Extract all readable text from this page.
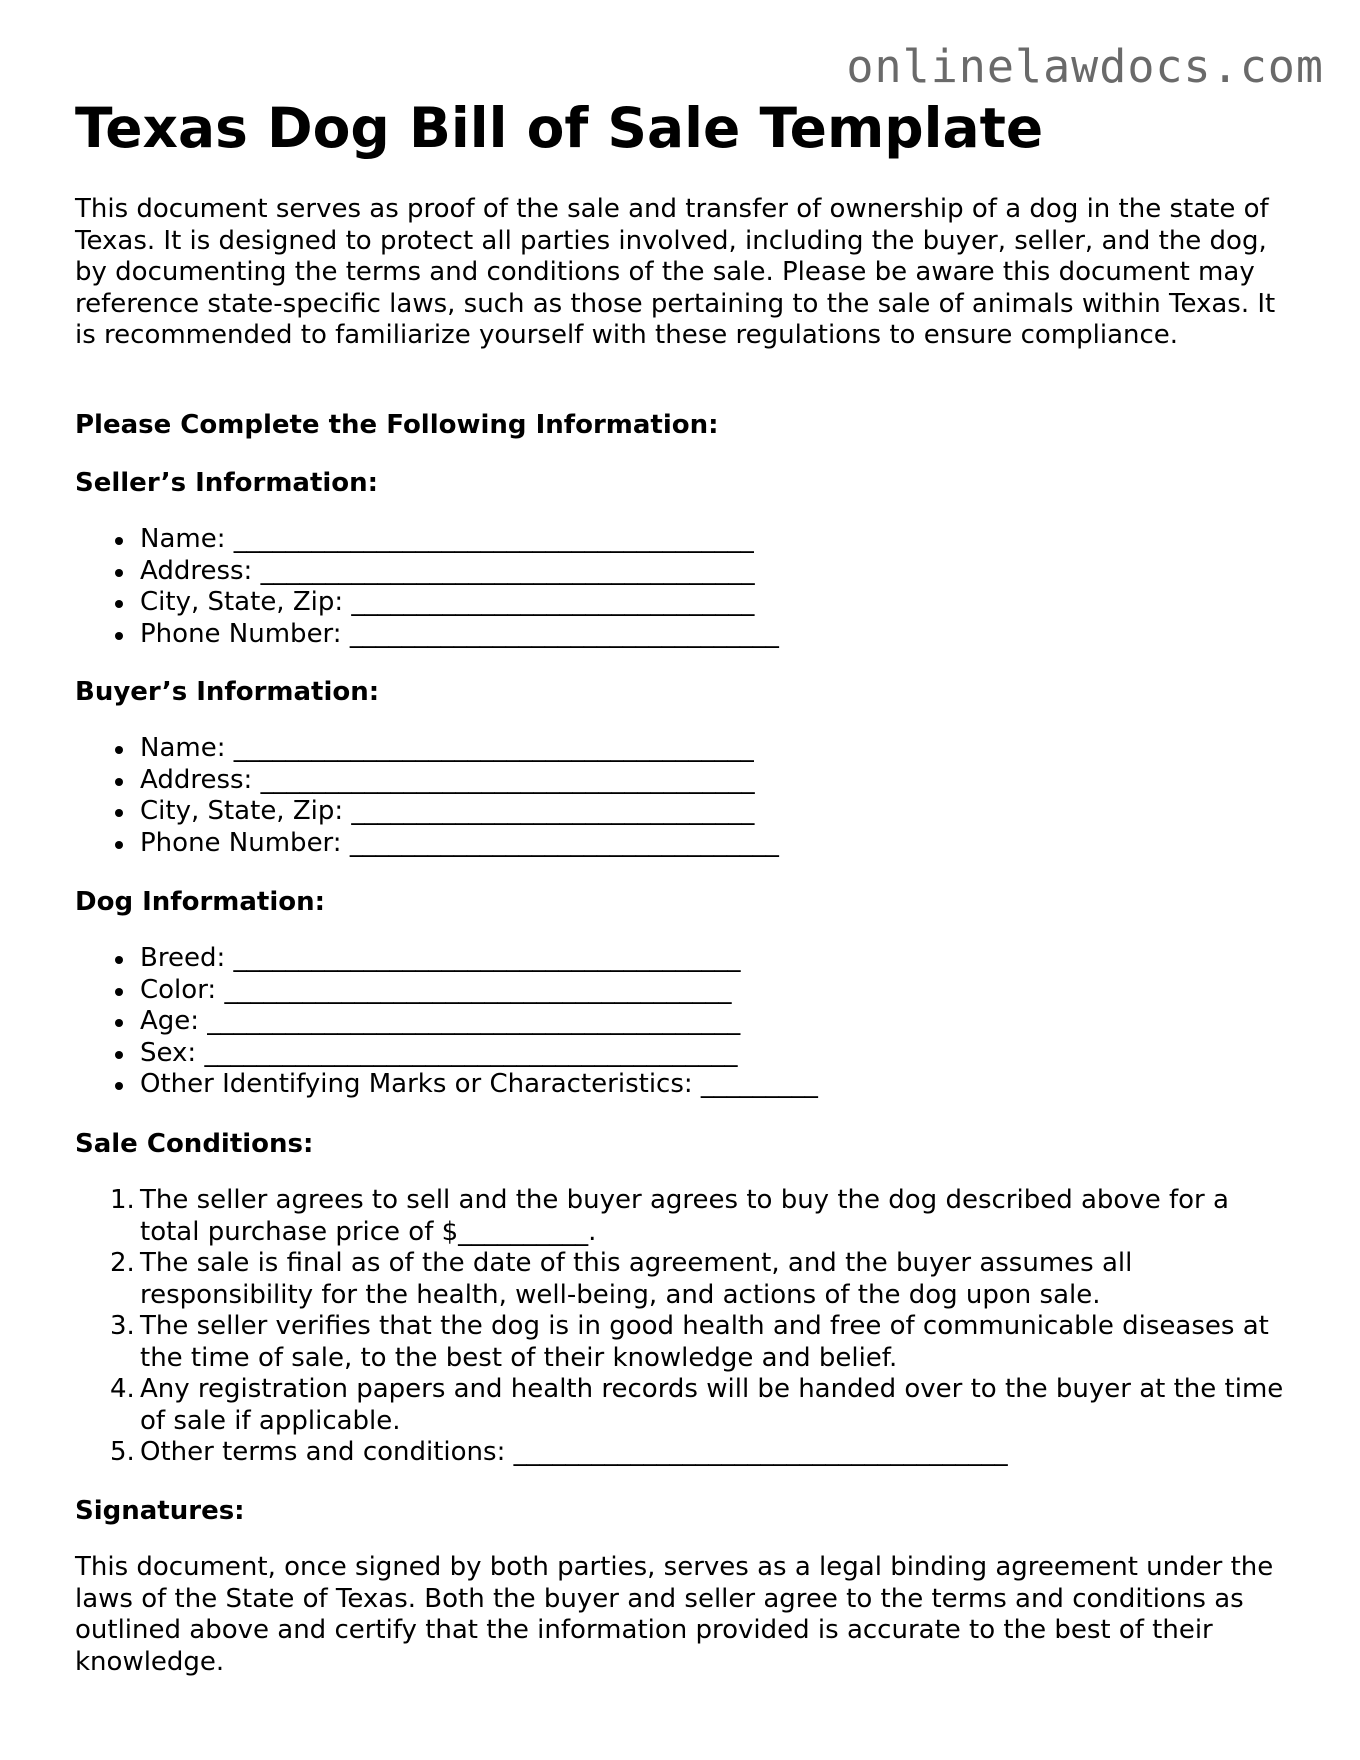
onlinelawdocs.com
Texas Dog Bill of Sale Template

This document serves as proof of the sale and transfer of ownership of a dog in the state of Texas. It is designed to protect all parties involved, including the buyer, seller, and the dog, by documenting the terms and conditions of the sale. Please be aware this document may reference state-specific laws, such as those pertaining to the sale of animals within Texas. It is recommended to familiarize yourself with these regulations to ensure compliance.

Please Complete the Following Information:
Seller’s Information:
Name: ________________________________________
Address: ______________________________________
City, State, Zip: _______________________________
Phone Number: _________________________________
Buyer’s Information:
Name: ________________________________________
Address: ______________________________________
City, State, Zip: _______________________________
Phone Number: _________________________________
Dog Information:
Breed: _______________________________________
Color: _______________________________________
Age: _________________________________________
Sex: _________________________________________
Other Identifying Marks or Characteristics: _________
Sale Conditions:
1. The seller agrees to sell and the buyer agrees to buy the dog described above for a total purchase price of $__________.
2. The sale is final as of the date of this agreement, and the buyer assumes all responsibility for the health, well-being, and actions of the dog upon sale.
3. The seller verifies that the dog is in good health and free of communicable diseases at the time of sale, to the best of their knowledge and belief.
4. Any registration papers and health records will be handed over to the buyer at the time of sale if applicable.
5. Other terms and conditions: ______________________________________
Signatures:

This document, once signed by both parties, serves as a legal binding agreement under the laws of the State of Texas. Both the buyer and seller agree to the terms and conditions as outlined above and certify that the information provided is accurate to the best of their knowledge.
